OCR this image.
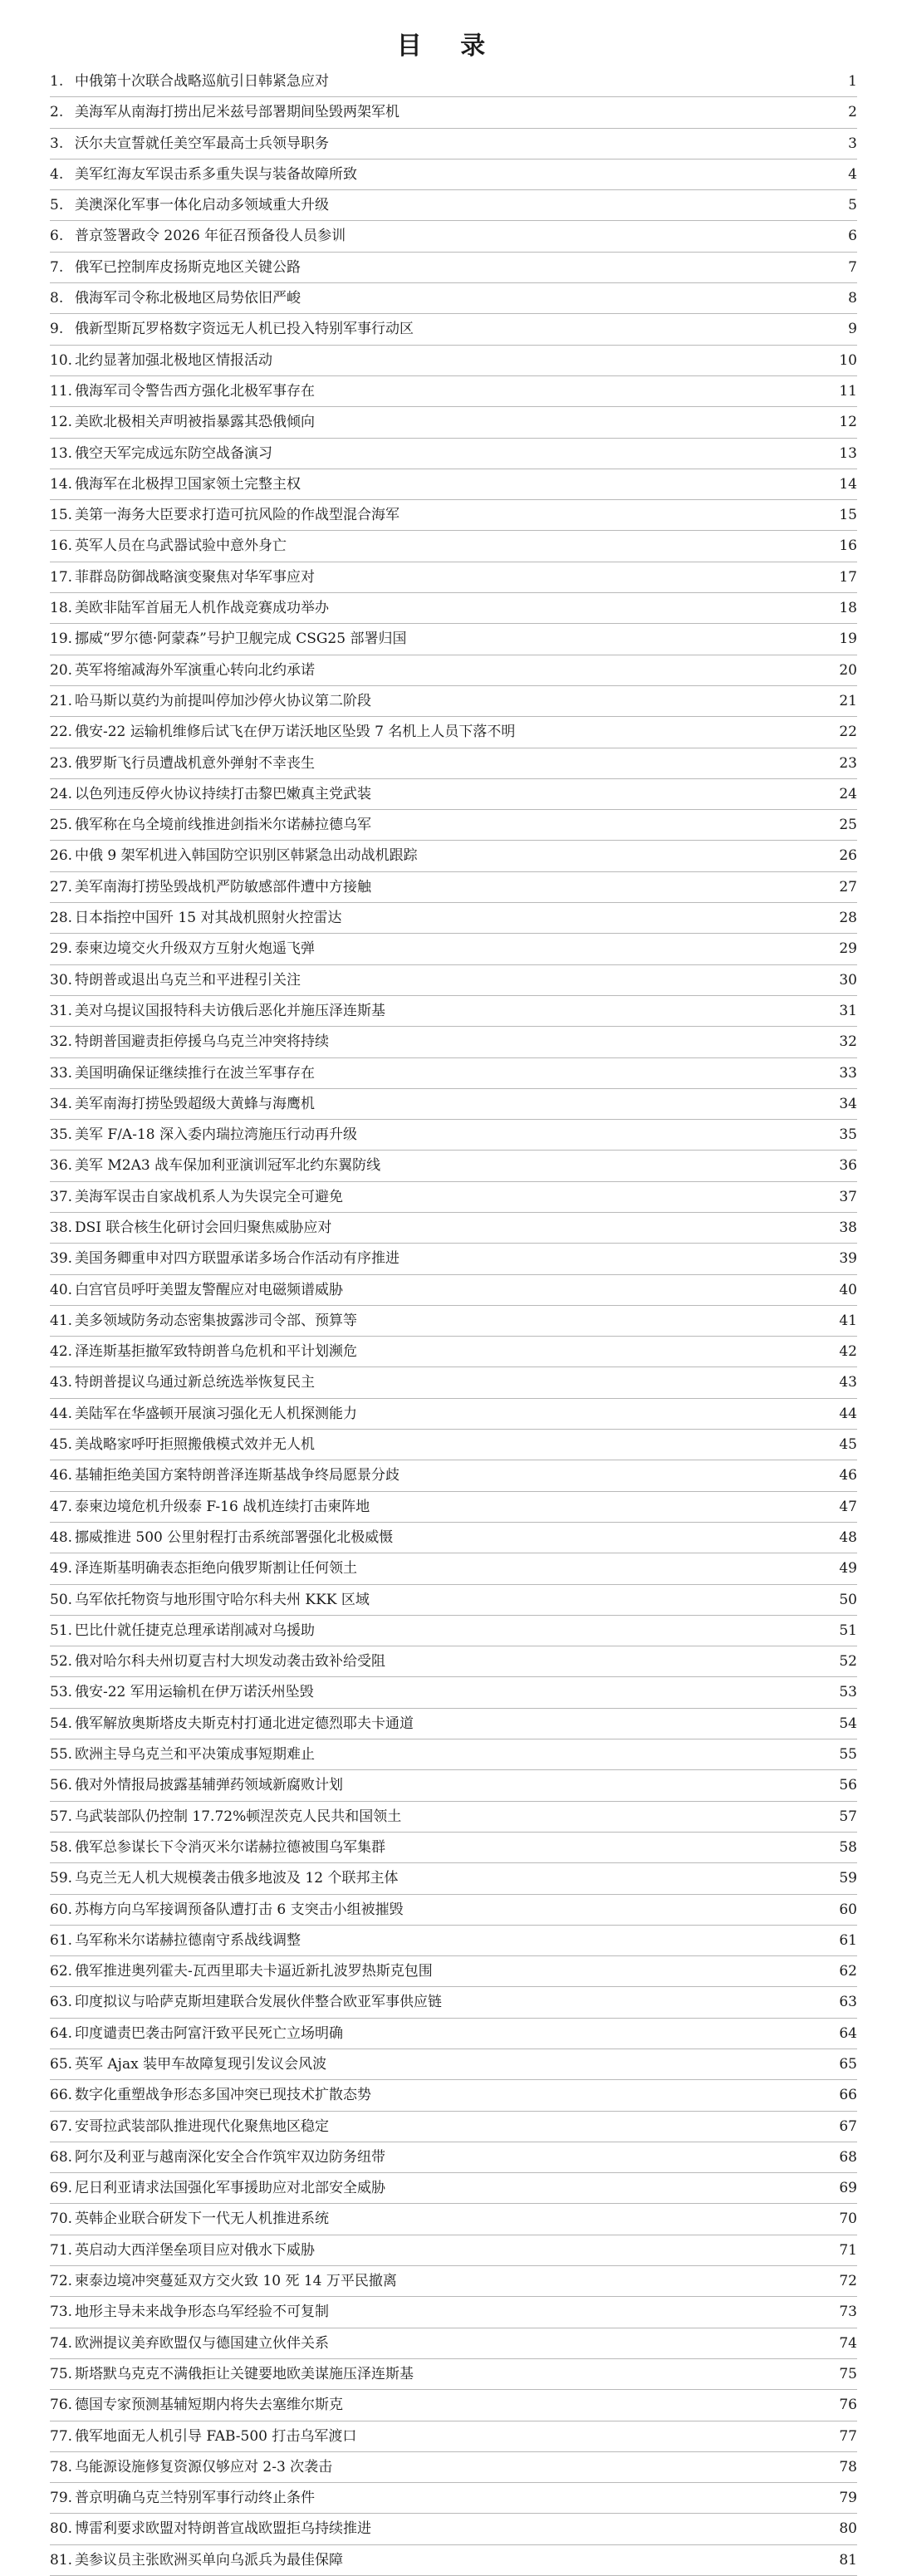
目 录
1. 中俄第十次联合战略巡航引日韩紧急应对	1
2. 美海军从南海打捞出尼米兹号部署期间坠毁两架军机	2
3. 沃尔夫宣誓就任美空军最高士兵领导职务	3
4. 美军红海友军误击系多重失误与装备故障所致	4
5. 美澳深化军事一体化启动多领域重大升级	5
6. 普京签署政令 2026 年征召预备役人员参训	6
7. 俄军已控制库皮扬斯克地区关键公路	7
8. 俄海军司令称北极地区局势依旧严峻	8
9. 俄新型斯瓦罗格数字资远无人机已投入特别军事行动区	9
10. 北约显著加强北极地区情报活动	10
11. 俄海军司令警告西方强化北极军事存在	11
12. 美欧北极相关声明被指暴露其恐俄倾向	12
13. 俄空天军完成远东防空战备演习	13
14. 俄海军在北极捍卫国家领土完整主权	14
15. 美第一海务大臣要求打造可抗风险的作战型混合海军	15
16. 英军人员在乌武器试验中意外身亡	16
17. 菲群岛防御战略演变聚焦对华军事应对	17
18. 美欧非陆军首届无人机作战竞赛成功举办	18
19. 挪威“罗尔德·阿蒙森”号护卫舰完成 CSG25 部署归国	19
20. 英军将缩减海外军演重心转向北约承诺	20
21. 哈马斯以莫约为前提叫停加沙停火协议第二阶段	21
22. 俄安-22 运输机维修后试飞在伊万诺沃地区坠毁 7 名机上人员下落不明	22
23. 俄罗斯飞行员遭战机意外弹射不幸丧生	23
24. 以色列违反停火协议持续打击黎巴嫩真主党武装	24
25. 俄军称在乌全境前线推进剑指米尔诺赫拉德乌军	25
26. 中俄 9 架军机进入韩国防空识别区韩紧急出动战机跟踪	26
27. 美军南海打捞坠毁战机严防敏感部件遭中方接触	27
28. 日本指控中国歼 15 对其战机照射火控雷达	28
29. 泰柬边境交火升级双方互射火炮遥飞弹	29
30. 特朗普或退出乌克兰和平进程引关注	30
31. 美对乌提议国报特科夫访俄后恶化并施压泽连斯基	31
32. 特朗普国避责拒停援乌乌克兰冲突将持续	32
33. 美国明确保证继续推行在波兰军事存在	33
34. 美军南海打捞坠毁超级大黄蜂与海鹰机	34
35. 美军 F/A-18 深入委内瑞拉湾施压行动再升级	35
36. 美军 M2A3 战车保加利亚演训冠军北约东翼防线	36
37. 美海军误击自家战机系人为失误完全可避免	37
38. DSI 联合核生化研讨会回归聚焦威胁应对	38
39. 美国务卿重申对四方联盟承诺多场合作活动有序推进	39
40. 白宫官员呼吁美盟友警醒应对电磁频谱威胁	40
41. 美多领域防务动态密集披露涉司令部、预算等	41
42. 泽连斯基拒撤军致特朗普乌危机和平计划濒危	42
43. 特朗普提议乌通过新总统选举恢复民主	43
44. 美陆军在华盛顿开展演习强化无人机探测能力	44
45. 美战略家呼吁拒照搬俄模式效并无人机	45
46. 基辅拒绝美国方案特朗普泽连斯基战争终局愿景分歧	46
47. 泰柬边境危机升级泰 F-16 战机连续打击柬阵地	47
48. 挪威推进 500 公里射程打击系统部署强化北极威慑	48
49. 泽连斯基明确表态拒绝向俄罗斯割让任何领土	49
50. 乌军依托物资与地形围守哈尔科夫州 KKK 区域	50
51. 巴比什就任捷克总理承诺削减对乌援助	51
52. 俄对哈尔科夫州切夏吉村大坝发动袭击致补给受阻	52
53. 俄安-22 军用运输机在伊万诺沃州坠毁	53
54. 俄军解放奥斯塔皮夫斯克村打通北进定德烈耶夫卡通道	54
55. 欧洲主导乌克兰和平决策成事短期难止	55
56. 俄对外情报局披露基辅弹药领域新腐败计划	56
57. 乌武装部队仍控制 17.72%顿涅茨克人民共和国领土	57
58. 俄军总参谋长下令消灭米尔诺赫拉德被围乌军集群	58
59. 乌克兰无人机大规模袭击俄多地波及 12 个联邦主体	59
60. 苏梅方向乌军接调预备队遭打击 6 支突击小组被摧毁	60
61. 乌军称米尔诺赫拉德南守系战线调整	61
62. 俄军推进奥列霍夫-瓦西里耶夫卡逼近新扎波罗热斯克包围	62
63. 印度拟议与哈萨克斯坦建联合发展伙伴整合欧亚军事供应链	63
64. 印度谴责巴袭击阿富汗致平民死亡立场明确	64
65. 英军 Ajax 装甲车故障复现引发议会风波	65
66. 数字化重塑战争形态多国冲突已现技术扩散态势	66
67. 安哥拉武装部队推进现代化聚焦地区稳定	67
68. 阿尔及利亚与越南深化安全合作筑牢双边防务纽带	68
69. 尼日利亚请求法国强化军事援助应对北部安全威胁	69
70. 英韩企业联合研发下一代无人机推进系统	70
71. 英启动大西洋堡垒项目应对俄水下威胁	71
72. 柬泰边境冲突蔓延双方交火致 10 死 14 万平民撤离	72
73. 地形主导未来战争形态乌军经验不可复制	73
74. 欧洲提议美弃欧盟仅与德国建立伙伴关系	74
75. 斯塔默乌克克不满俄拒让关键要地欧美谋施压泽连斯基	75
76. 德国专家预测基辅短期内将失去塞维尔斯克	76
77. 俄军地面无人机引导 FAB-500 打击乌军渡口	77
78. 乌能源设施修复资源仅够应对 2-3 次袭击	78
79. 普京明确乌克兰特别军事行动终止条件	79
80. 博雷利要求欧盟对特朗普宣战欧盟拒乌持续推进	80
81. 美参议员主张欧洲买单向乌派兵为最佳保障	81
